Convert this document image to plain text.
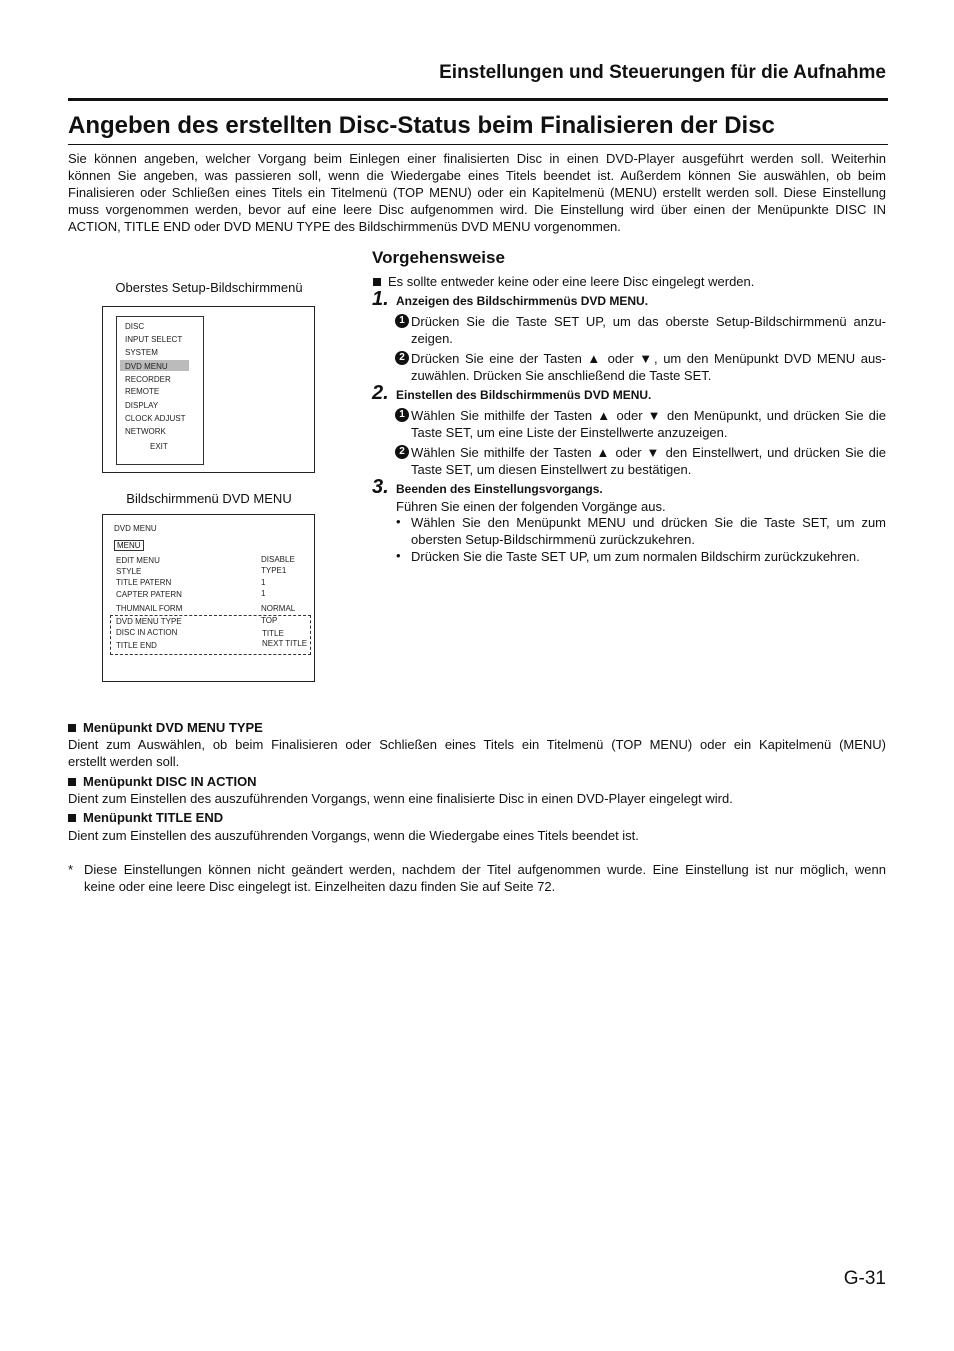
Einstellungen und Steuerungen für die Aufnahme
Angeben des erstellten Disc-Status beim Finalisieren der Disc
Sie können angeben, welcher Vorgang beim Einlegen einer finalisierten Disc in einen DVD-Player ausgeführt werden soll. Weiterhin
können Sie angeben, was passieren soll, wenn die Wiedergabe eines Titels beendet ist. Außerdem können Sie auswählen, ob beim
Finalisieren oder Schließen eines Titels ein Titelmenü (TOP MENU) oder ein Kapitelmenü (MENU) erstellt werden soll. Diese Einstellung
muss vorgenommen werden, bevor auf eine leere Disc aufgenommen wird. Die Einstellung wird über einen der Menüpunkte DISC IN
ACTION, TITLE END oder DVD MENU TYPE des Bildschirmmenüs DVD MENU vorgenommen.
Oberstes Setup-Bildschirmmenü
DISC
INPUT SELECT
SYSTEM
DVD MENU
RECORDER
REMOTE
DISPLAY
CLOCK ADJUST
NETWORK
EXIT
Bildschirmmenü DVD MENU
DVD MENU
MENU
EDIT MENU	DISABLE
STYLE	TYPE1
TITLE PATERN	1
CAPTER PATERN	1
THUMNAIL FORM	NORMAL
DVD MENU TYPE	TOP
DISC IN ACTION	TITLE
TITLE END	NEXT TITLE
Vorgehensweise
Es sollte entweder keine oder eine leere Disc eingelegt werden.
1. Anzeigen des Bildschirmmenüs DVD MENU.
1 Drücken Sie die Taste SET UP, um das oberste Setup-Bildschirmmenü anzu-
zeigen.
2 Drücken Sie eine der Tasten ▲ oder ▼, um den Menüpunkt DVD MENU aus-
zuwählen. Drücken Sie anschließend die Taste SET.
2. Einstellen des Bildschirmmenüs DVD MENU.
1 Wählen Sie mithilfe der Tasten ▲ oder ▼ den Menüpunkt, und drücken Sie die
Taste SET, um eine Liste der Einstellwerte anzuzeigen.
2 Wählen Sie mithilfe der Tasten ▲ oder ▼ den Einstellwert, und drücken Sie die
Taste SET, um diesen Einstellwert zu bestätigen.
3. Beenden des Einstellungsvorgangs.
Führen Sie einen der folgenden Vorgänge aus.
• Wählen Sie den Menüpunkt MENU und drücken Sie die Taste SET, um zum
obersten Setup-Bildschirmmenü zurückzukehren.
• Drücken Sie die Taste SET UP, um zum normalen Bildschirm zurückzukehren.
Menüpunkt DVD MENU TYPE
Dient zum Auswählen, ob beim Finalisieren oder Schließen eines Titels ein Titelmenü (TOP MENU) oder ein Kapitelmenü (MENU)
erstellt werden soll.
Menüpunkt DISC IN ACTION
Dient zum Einstellen des auszuführenden Vorgangs, wenn eine finalisierte Disc in einen DVD-Player eingelegt wird.
Menüpunkt TITLE END
Dient zum Einstellen des auszuführenden Vorgangs, wenn die Wiedergabe eines Titels beendet ist.
* Diese Einstellungen können nicht geändert werden, nachdem der Titel aufgenommen wurde. Eine Einstellung ist nur möglich, wenn
keine oder eine leere Disc eingelegt ist. Einzelheiten dazu finden Sie auf Seite 72.
G-31
